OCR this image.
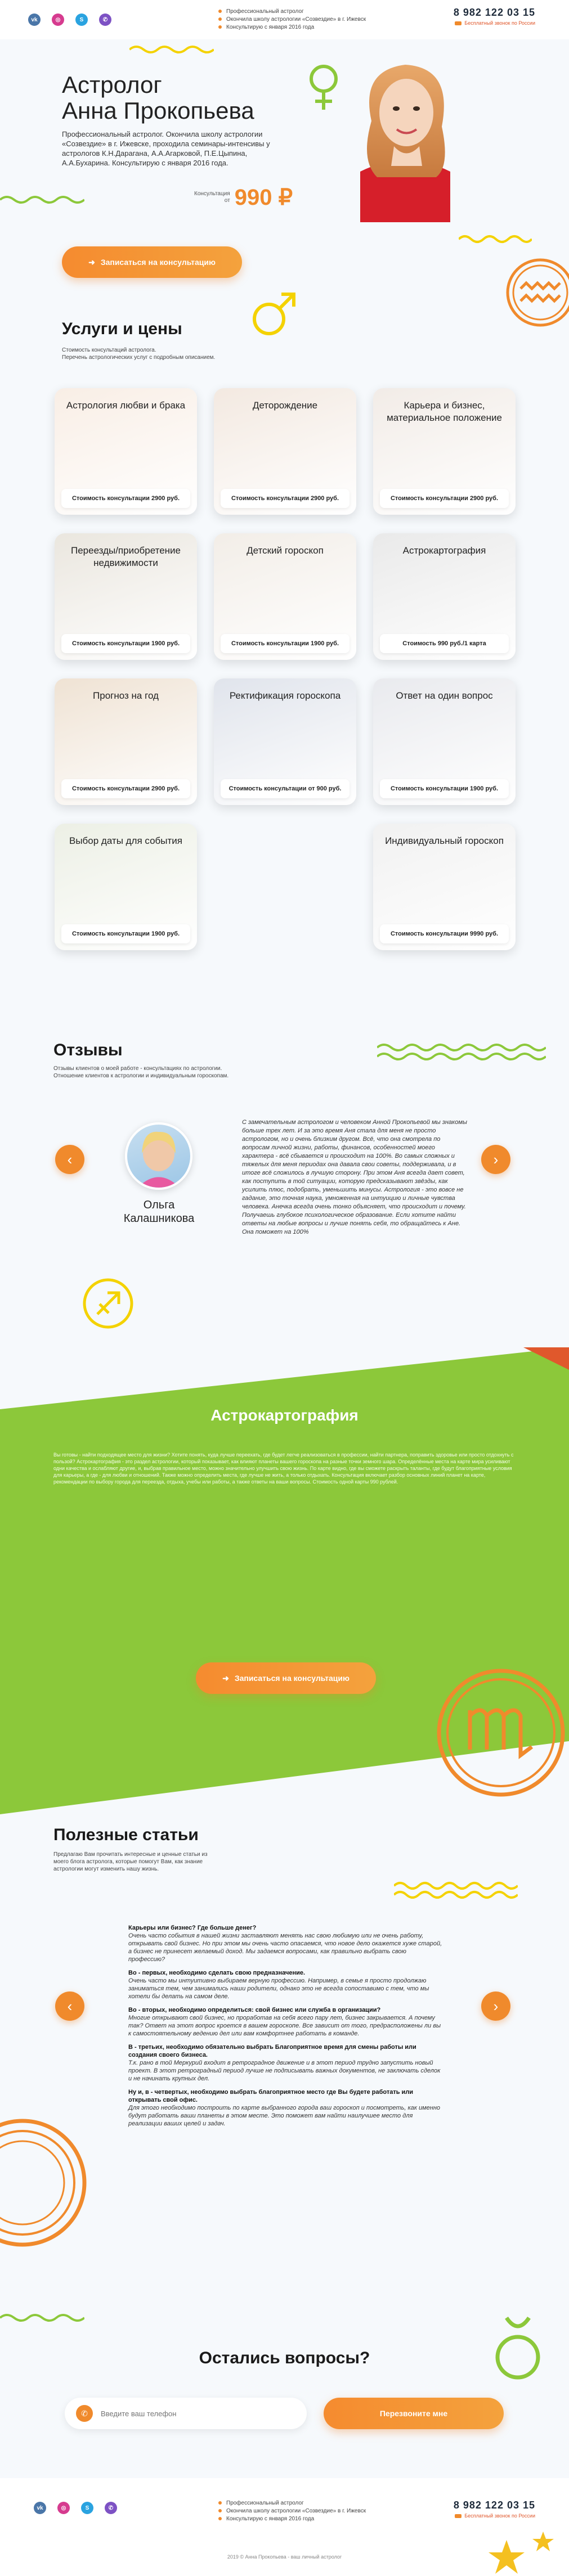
vk	◎	S	✆
Профессиональный астролог
Окончила школу астрологии «Созвездие» в г. Ижевск
Консультирую с января 2016 года
8 982 122 03 15
Бесплатный звонок по России
Астролог
Анна Прокопьева
Профессиональный астролог. Окончила школу астрологии «Созвездие» в г. Ижевске, проходила семинары-интенсивы у астрологов К.Н.Дарагана, А.А.Агарковой, П.Е.Цыпина, А.А.Бухарина. Консультирую с января 2016 года.
Консультация
от 990 ₽
➜ Записаться на консультацию
Услуги и цены
Стоимость консультаций астролога.
Перечень астрологических услуг с подробным описанием.
Астрология любви и брака
Стоимость консультации 2900 руб.
Деторождение
Стоимость консультации 2900 руб.
Карьера и бизнес, материальное положение
Стоимость консультации 2900 руб.
Переезды/приобретение недвижимости
Стоимость консультации 1900 руб.
Детский гороскоп
Стоимость консультации 1900 руб.
Астрокартография
Стоимость 990 руб./1 карта
Прогноз на год
Стоимость консультации 2900 руб.
Ректификация гороскопа
Стоимость консультации от 900 руб.
Ответ на один вопрос
Стоимость консультации 1900 руб.
Выбор даты для события
Стоимость консультации 1900 руб.
Индивидуальный гороскоп
Стоимость консультации 9990 руб.
Отзывы
Отзывы клиентов о моей работе - консультациях по астрологии.
Отношение клиентов к астрологии и индивидуальным гороскопам.
‹	›
Ольга Калашникова
С замечательным астрологом и человеком Анной Прокопьевой мы знакомы больше трех лет. И за это время Аня стала для меня не просто астрологом, но и очень близким другом. Всё, что она смотрела по вопросам личной жизни, работы, финансов, особенностей моего характера - всё сбывается и происходит на 100%. Во самых сложных и тяжелых для меня периодах она давала свои советы, поддерживала, и в итоге всё сложилось в лучшую сторону. При этом Аня всегда дает совет, как поступить в той ситуации, которую предсказывают звёзды, как усилить плюс, подобрать, уменьшить минусы. Астрология - это вовсе не гадание, это точная наука, умноженная на интуицию и личные чувства человека. Анечка всегда очень тонко объясняет, что происходит и почему. Получаешь глубокое психологическое образование. Если хотите найти ответы на любые вопросы и лучше понять себя, то обращайтесь к Ане. Она поможет на 100%
Астрокартография
Вы готовы - найти подходящее место для жизни? Хотите понять, куда лучше переехать, где будет легче реализоваться в профессии, найти партнера, поправить здоровье или просто отдохнуть с пользой? Астрокартография - это раздел астрологии, который показывает, как влияют планеты вашего гороскопа на разные точки земного шара. Определённые места на карте мира усиливают одни качества и ослабляют другие, и, выбрав правильное место, можно значительно улучшить свою жизнь. По карте видно, где вы сможете раскрыть таланты, где будут благоприятные условия для карьеры, а где - для любви и отношений. Также можно определить места, где лучше не жить, а только отдыхать. Консультация включает разбор основных линий планет на карте, рекомендации по выбору города для переезда, отдыха, учебы или работы, а также ответы на ваши вопросы. Стоимость одной карты 990 рублей.
➜ Записаться на консультацию
Полезные статьи
Предлагаю Вам прочитать интересные и ценные статьи из моего блога астролога, которые помогут Вам, как знание астрологии могут изменить нашу жизнь.
‹	›

Карьеры или бизнес? Где больше денег?
Очень часто события в нашей жизни заставляют менять нас свою любимую или не очень работу, открывать свой бизнес. Но при этом мы очень часто опасаемся, что новое дело окажется хуже старой, а бизнес не принесет желаемый доход. Мы задаемся вопросами, как правильно выбрать свою профессию?

Во - первых, необходимо сделать свою предназначение.
Очень часто мы интуитивно выбираем верную профессию. Например, в семье я просто продолжаю заниматься тем, чем занимались наши родители, однако это не всегда сопоставимо с тем, что мы хотели бы делать на самом деле.

Во - вторых, необходимо определиться: свой бизнес или служба в организации?
Многие открывают свой бизнес, но проработав на себя всего пару лет, бизнес закрывается. А почему так? Ответ на этот вопрос кроется в вашем гороскопе. Все зависит от того, предрасположены ли вы к самостоятельному ведению дел или вам комфортнее работать в команде.

В - третьих, необходимо обязательно выбрать Благоприятное время для смены работы или создания своего бизнеса.
Т.к. рано в той Меркурий входит в ретроградное движение и в этот период трудно запустить новый проект. В этот ретроградный период лучше не подписывать важных документов, не заключать сделок и не начинать крупных дел.

Ну и, в - четвертых, необходимо выбрать благоприятное место где Вы будете работать или открывать свой офис.
Для этого необходимо построить по карте выбранного города ваш гороскоп и посмотреть, как именно будут работать ваши планеты в этом месте. Это поможет вам найти наилучшее место для реализации ваших целей и задач.

Остались вопросы?
✆
Введите ваш телефон	Перезвоните мне
vk	◎	S	✆
Профессиональный астролог
Окончила школу астрологии «Созвездие» в г. Ижевск
Консультирую с января 2016 года
8 982 122 03 15
Бесплатный звонок по России
2019 © Анна Прокопьева - ваш личный астролог
